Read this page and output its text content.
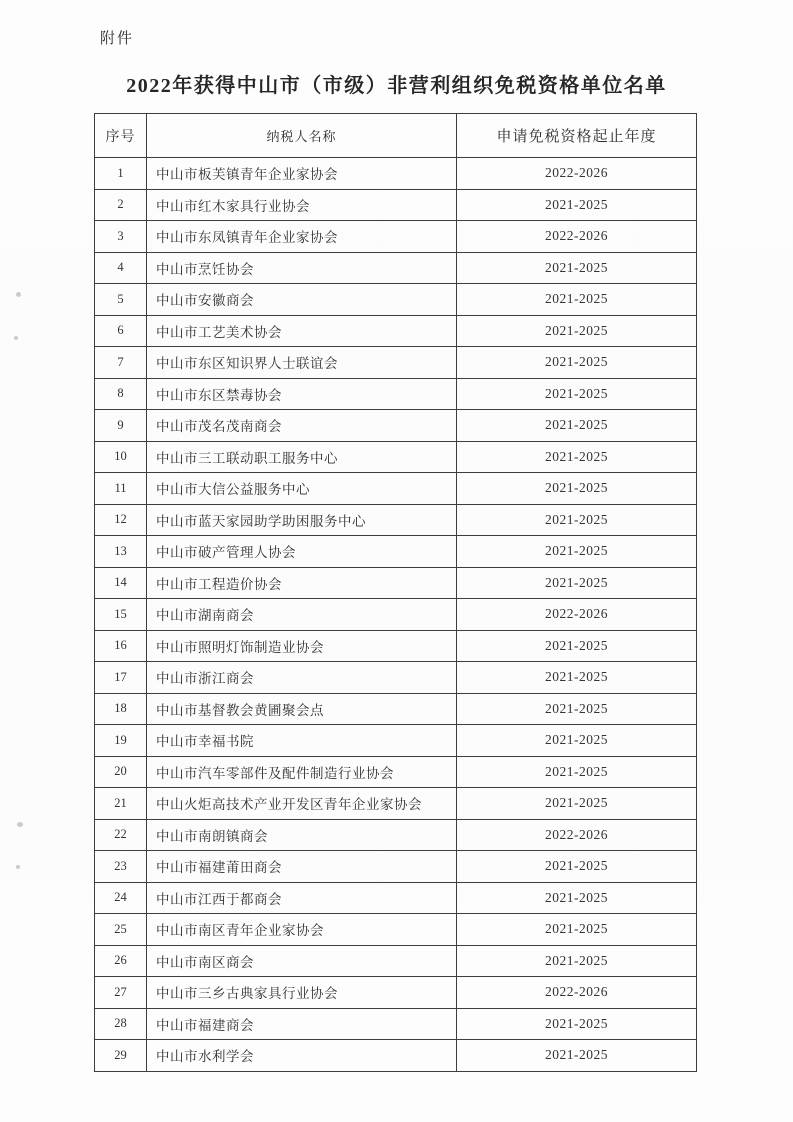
附件
2022年获得中山市（市级）非营利组织免税资格单位名单
序号	纳税人名称	申请免税资格起止年度
1	中山市板芙镇青年企业家协会	2022-2026
2	中山市红木家具行业协会	2021-2025
3	中山市东凤镇青年企业家协会	2022-2026
4	中山市烹饪协会	2021-2025
5	中山市安徽商会	2021-2025
6	中山市工艺美术协会	2021-2025
7	中山市东区知识界人士联谊会	2021-2025
8	中山市东区禁毒协会	2021-2025
9	中山市茂名茂南商会	2021-2025
10	中山市三工联动职工服务中心	2021-2025
11	中山市大信公益服务中心	2021-2025
12	中山市蓝天家园助学助困服务中心	2021-2025
13	中山市破产管理人协会	2021-2025
14	中山市工程造价协会	2021-2025
15	中山市湖南商会	2022-2026
16	中山市照明灯饰制造业协会	2021-2025
17	中山市浙江商会	2021-2025
18	中山市基督教会黄圃聚会点	2021-2025
19	中山市幸福书院	2021-2025
20	中山市汽车零部件及配件制造行业协会	2021-2025
21	中山火炬高技术产业开发区青年企业家协会	2021-2025
22	中山市南朗镇商会	2022-2026
23	中山市福建莆田商会	2021-2025
24	中山市江西于都商会	2021-2025
25	中山市南区青年企业家协会	2021-2025
26	中山市南区商会	2021-2025
27	中山市三乡古典家具行业协会	2022-2026
28	中山市福建商会	2021-2025
29	中山市水利学会	2021-2025
